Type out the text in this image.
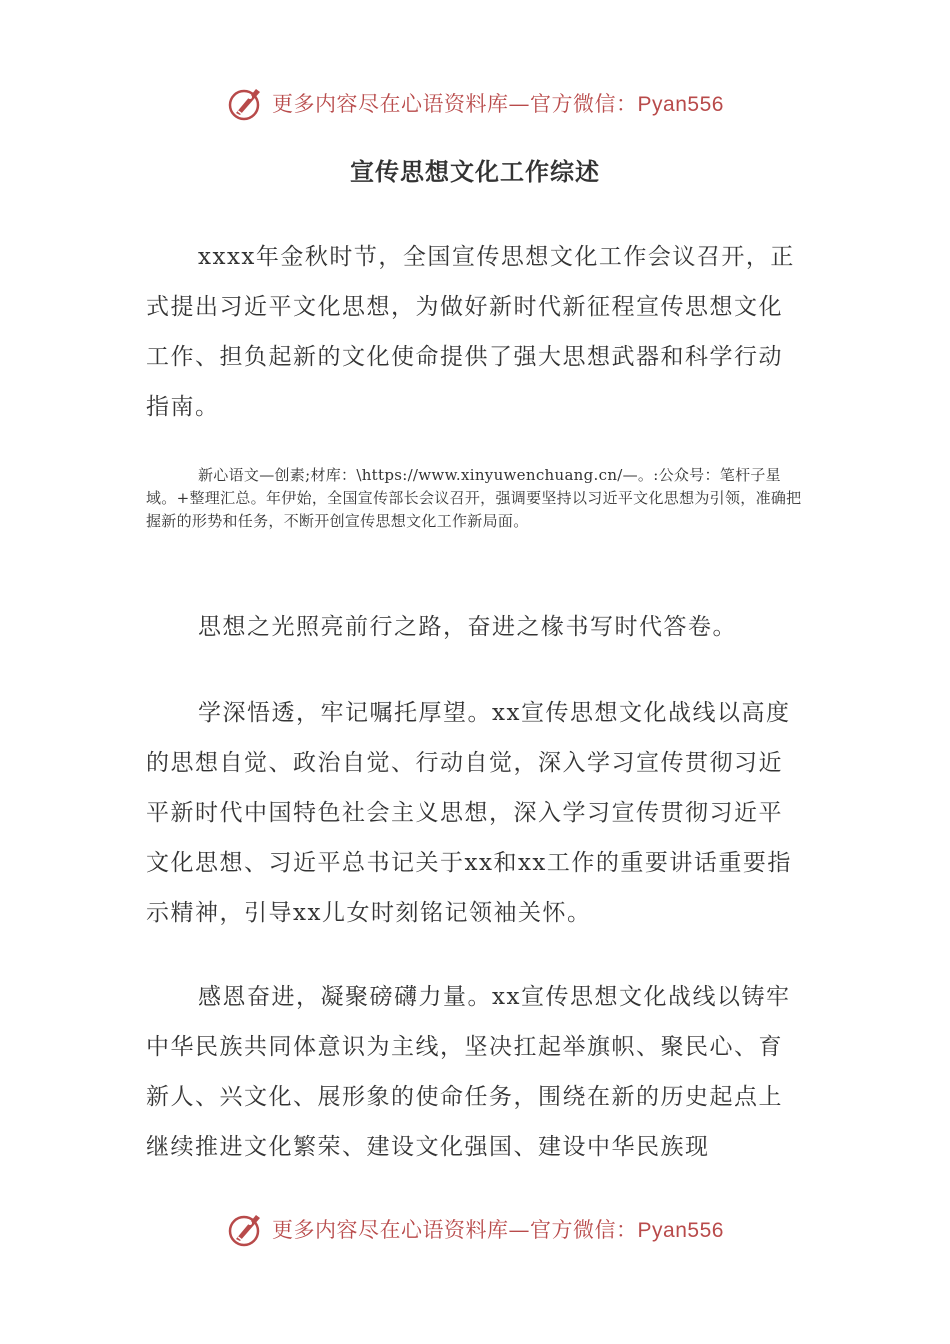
更多内容尽在心语资料库—官方微信：Pyan556
宣传思想文化工作综述

xxxx年金秋时节，全国宣传思想文化工作会议召开，正式提出习近平文化思想，为做好新时代新征程宣传思想文化工作、担负起新的文化使命提供了强大思想武器和科学行动指南。

新心语文—创素;材库：\https://www.xinyuwenchuang.cn/—。:公众号：笔杆子星域。+整理汇总。年伊始，全国宣传部长会议召开，强调要坚持以习近平文化思想为引领，准确把握新的形势和任务，不断开创宣传思想文化工作新局面。

思想之光照亮前行之路，奋进之椽书写时代答卷。

学深悟透，牢记嘱托厚望。xx宣传思想文化战线以高度的思想自觉、政治自觉、行动自觉，深入学习宣传贯彻习近平新时代中国特色社会主义思想，深入学习宣传贯彻习近平文化思想、习近平总书记关于xx和xx工作的重要讲话重要指示精神，引导xx儿女时刻铭记领袖关怀。

感恩奋进，凝聚磅礴力量。xx宣传思想文化战线以铸牢中华民族共同体意识为主线，坚决扛起举旗帜、聚民心、育新人、兴文化、展形象的使命任务，围绕在新的历史起点上继续推进文化繁荣、建设文化强国、建设中华民族现

更多内容尽在心语资料库—官方微信：Pyan556
